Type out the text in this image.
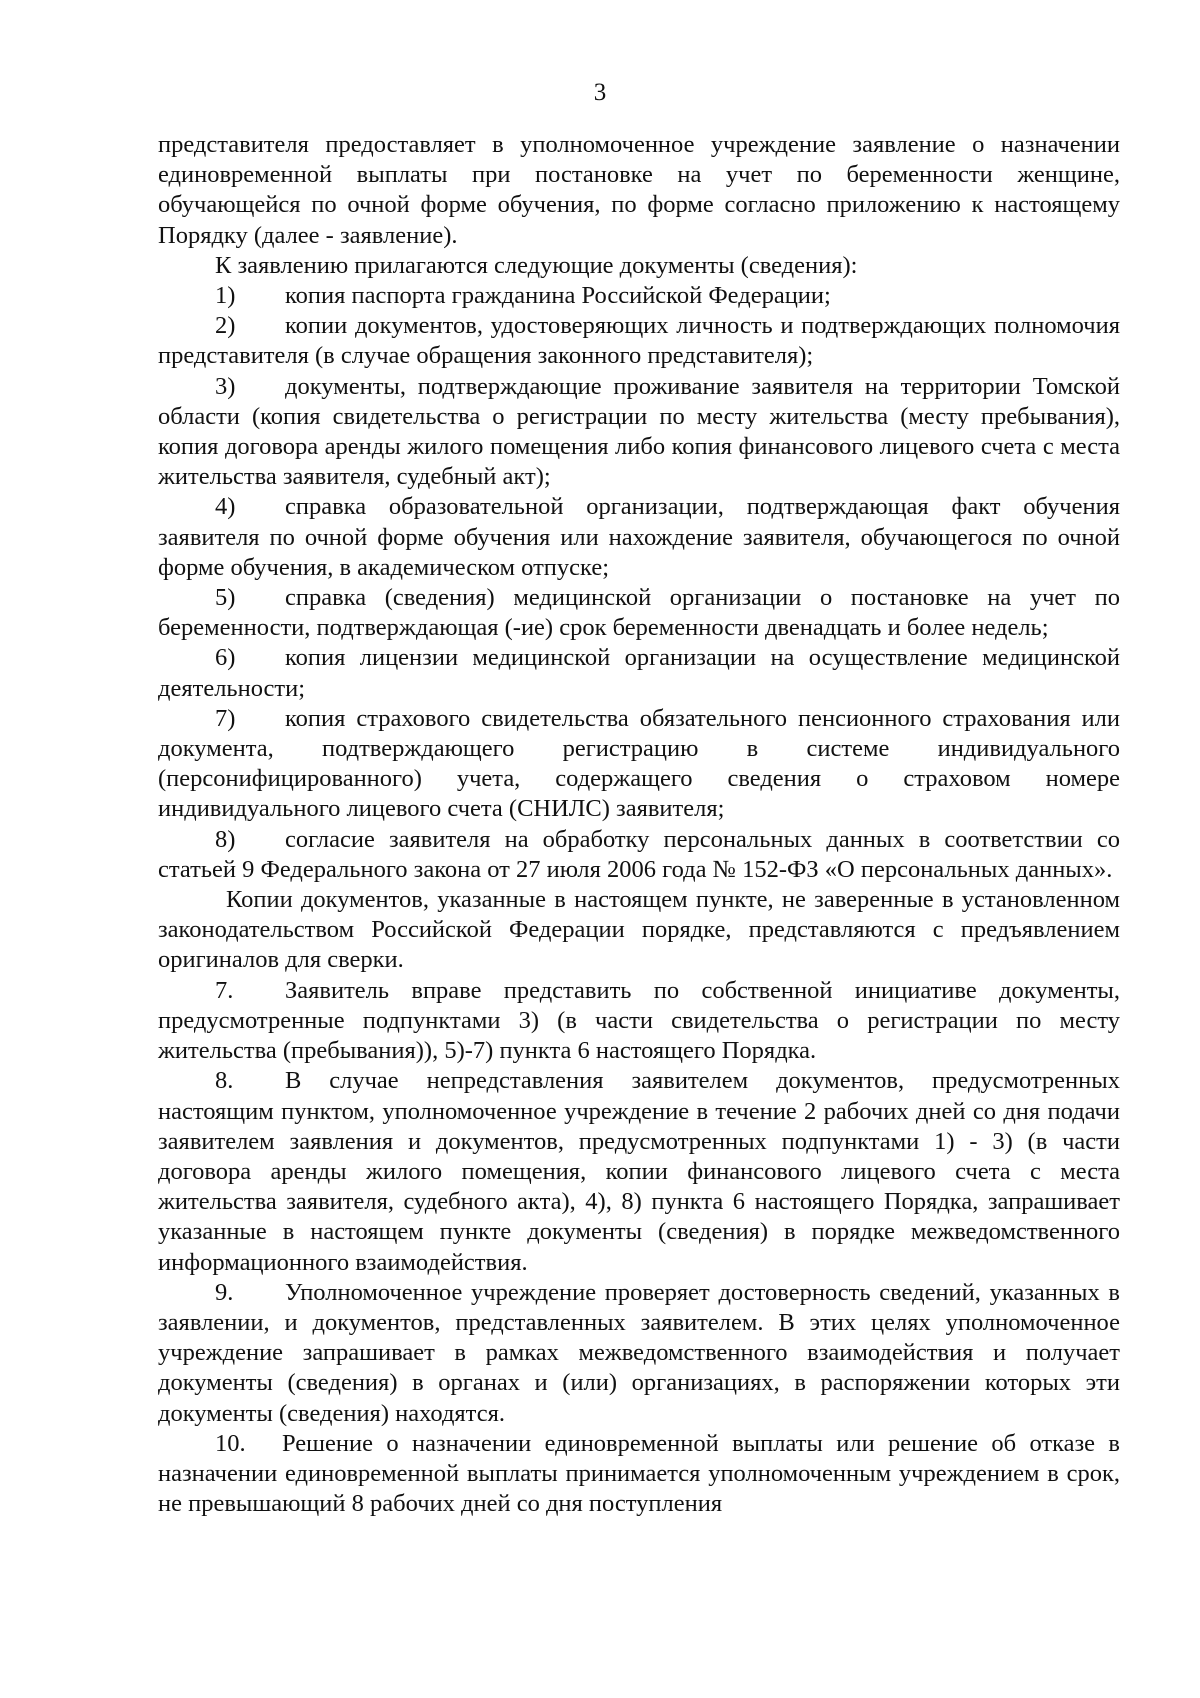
3

представителя предоставляет в уполномоченное учреждение заявление о назначении единовременной выплаты при постановке на учет по беременности женщине, обучающейся по очной форме обучения, по форме согласно приложению к настоящему Порядку (далее - заявление).

К заявлению прилагаются следующие документы (сведения):

1) копия паспорта гражданина Российской Федерации;

2) копии документов, удостоверяющих личность и подтверждающих полномочия представителя (в случае обращения законного представителя);

3) документы, подтверждающие проживание заявителя на территории Томской области (копия свидетельства о регистрации по месту жительства (месту пребывания), копия договора аренды жилого помещения либо копия финансового лицевого счета с места жительства заявителя, судебный акт);

4) справка образовательной организации, подтверждающая факт обучения заявителя по очной форме обучения или нахождение заявителя, обучающегося по очной форме обучения, в академическом отпуске;

5) справка (сведения) медицинской организации о постановке на учет по беременности, подтверждающая (-ие) срок беременности двенадцать и более недель;

6) копия лицензии медицинской организации на осуществление медицинской деятельности;

7) копия страхового свидетельства обязательного пенсионного страхования или документа, подтверждающего регистрацию в системе индивидуального (персонифицированного) учета, содержащего сведения о страховом номере индивидуального лицевого счета (СНИЛС) заявителя;

8) согласие заявителя на обработку персональных данных в соответствии со статьей 9 Федерального закона от 27 июля 2006 года № 152-ФЗ «О персональных данных».

Копии документов, указанные в настоящем пункте, не заверенные в установленном законодательством Российской Федерации порядке, представляются с предъявлением оригиналов для сверки.

7. Заявитель вправе представить по собственной инициативе документы, предусмотренные подпунктами 3) (в части свидетельства о регистрации по месту жительства (пребывания)), 5)-7) пункта 6 настоящего Порядка.

8. В случае непредставления заявителем документов, предусмотренных настоящим пунктом, уполномоченное учреждение в течение 2 рабочих дней со дня подачи заявителем заявления и документов, предусмотренных подпунктами 1) - 3) (в части договора аренды жилого помещения, копии финансового лицевого счета с места жительства заявителя, судебного акта), 4), 8) пункта 6 настоящего Порядка, запрашивает указанные в настоящем пункте документы (сведения) в порядке межведомственного информационного взаимодействия.

9. Уполномоченное учреждение проверяет достоверность сведений, указанных в заявлении, и документов, представленных заявителем. В этих целях уполномоченное учреждение запрашивает в рамках межведомственного взаимодействия и получает документы (сведения) в органах и (или) организациях, в распоряжении которых эти документы (сведения) находятся.

10. Решение о назначении единовременной выплаты или решение об отказе в назначении единовременной выплаты принимается уполномоченным учреждением в срок, не превышающий 8 рабочих дней со дня поступления
